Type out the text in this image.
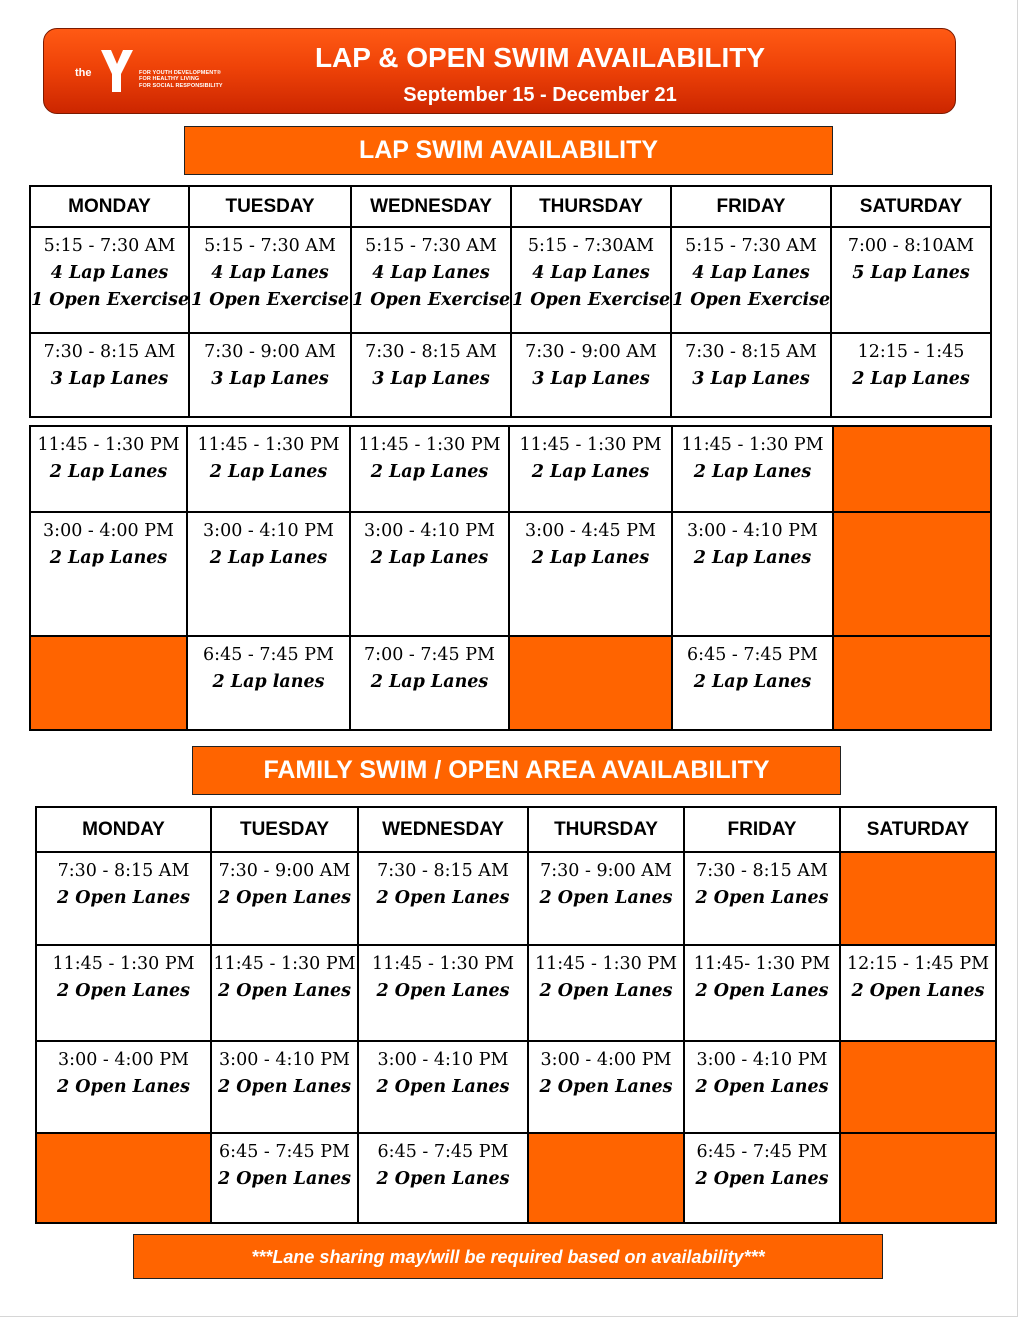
the	FOR YOUTH DEVELOPMENT®
FOR HEALTHY LIVING
FOR SOCIAL RESPONSIBILITY
LAP & OPEN SWIM AVAILABILITY
September 15 - December 21
LAP SWIM AVAILABILITY
MONDAY	TUESDAY	WEDNESDAY	THURSDAY	FRIDAY	SATURDAY

5:15 - 7:30 AM
4 Lap Lanes
1 Open Exercise	5:15 - 7:30 AM
4 Lap Lanes
1 Open Exercise	5:15 - 7:30 AM
4 Lap Lanes
1 Open Exercise	5:15 - 7:30AM
4 Lap Lanes
1 Open Exercise	5:15 - 7:30 AM
4 Lap Lanes
1 Open Exercise	7:00 - 8:10AM
5 Lap Lanes

7:30 - 8:15 AM
3 Lap Lanes	7:30 - 9:00 AM
3 Lap Lanes	7:30 - 8:15 AM
3 Lap Lanes	7:30 - 9:00 AM
3 Lap Lanes	7:30 - 8:15 AM
3 Lap Lanes	12:15 - 1:45
2 Lap Lanes
11:45 - 1:30 PM
2 Lap Lanes	11:45 - 1:30 PM
2 Lap Lanes	11:45 - 1:30 PM
2 Lap Lanes	11:45 - 1:30 PM
2 Lap Lanes	11:45 - 1:30 PM
2 Lap Lanes	

3:00 - 4:00 PM
2 Lap Lanes	3:00 - 4:10 PM
2 Lap Lanes	3:00 - 4:10 PM
2 Lap Lanes	3:00 - 4:45 PM
2 Lap Lanes	3:00 - 4:10 PM
2 Lap Lanes	

	6:45 - 7:45 PM
2 Lap lanes	7:00 - 7:45 PM
2 Lap Lanes		6:45 - 7:45 PM
2 Lap Lanes	

FAMILY SWIM / OPEN AREA AVAILABILITY
MONDAY	TUESDAY	WEDNESDAY	THURSDAY	FRIDAY	SATURDAY

7:30 - 8:15 AM
2 Open Lanes	7:30 - 9:00 AM
2 Open Lanes	7:30 - 8:15 AM
2 Open Lanes	7:30 - 9:00 AM
2 Open Lanes	7:30 - 8:15 AM
2 Open Lanes	

11:45 - 1:30 PM
2 Open Lanes	11:45 - 1:30 PM
2 Open Lanes	11:45 - 1:30 PM
2 Open Lanes	11:45 - 1:30 PM
2 Open Lanes	11:45- 1:30 PM
2 Open Lanes	12:15 - 1:45 PM
2 Open Lanes

3:00 - 4:00 PM
2 Open Lanes	3:00 - 4:10 PM
2 Open Lanes	3:00 - 4:10 PM
2 Open Lanes	3:00 - 4:00 PM
2 Open Lanes	3:00 - 4:10 PM
2 Open Lanes	

	6:45 - 7:45 PM
2 Open Lanes	6:45 - 7:45 PM
2 Open Lanes		6:45 - 7:45 PM
2 Open Lanes	

***Lane sharing may/will be required based on availability***
